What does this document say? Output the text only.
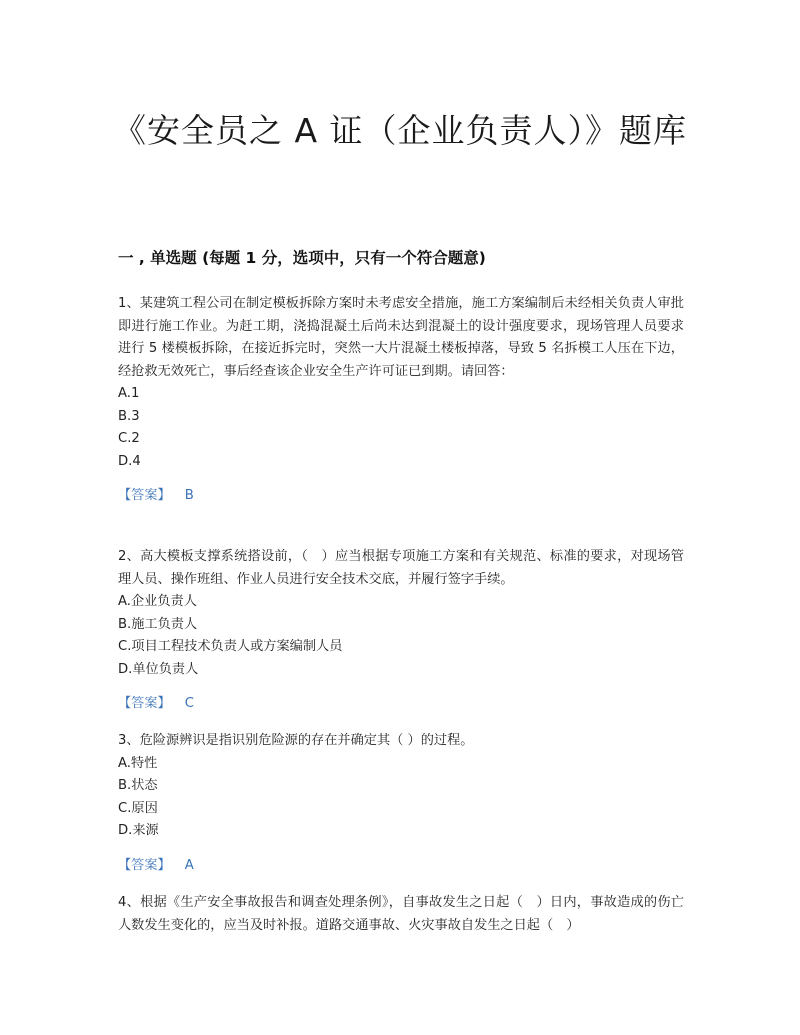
《安全员之 A 证（企业负责人）》题库
一 , 单选题 (每题 1 分，选项中，只有一个符合题意)

1、某建筑工程公司在制定模板拆除方案时未考虑安全措施，施工方案编制后未经相关负责人审批即进行施工作业。为赶工期，浇捣混凝土后尚未达到混凝土的设计强度要求，现场管理人员要求进行 5 楼模板拆除，在接近拆完时，突然一大片混凝土楼板掉落，导致 5 名拆模工人压在下边，经抢救无效死亡，事后经查该企业安全生产许可证已到期。请回答：

A.1

B.3

C.2

D.4

【答案】 B

2、高大模板支撑系统搭设前，（　）应当根据专项施工方案和有关规范、标准的要求，对现场管理人员、操作班组、作业人员进行安全技术交底，并履行签字手续。

A.企业负责人

B.施工负责人

C.项目工程技术负责人或方案编制人员

D.单位负责人

【答案】 C

3、危险源辨识是指识别危险源的存在并确定其（ ）的过程。

A.特性

B.状态

C.原因

D.来源

【答案】 A

4、根据《生产安全事故报告和调查处理条例》，自事故发生之日起（　）日内，事故造成的伤亡人数发生变化的，应当及时补报。道路交通事故、火灾事故自发生之日起（　）
